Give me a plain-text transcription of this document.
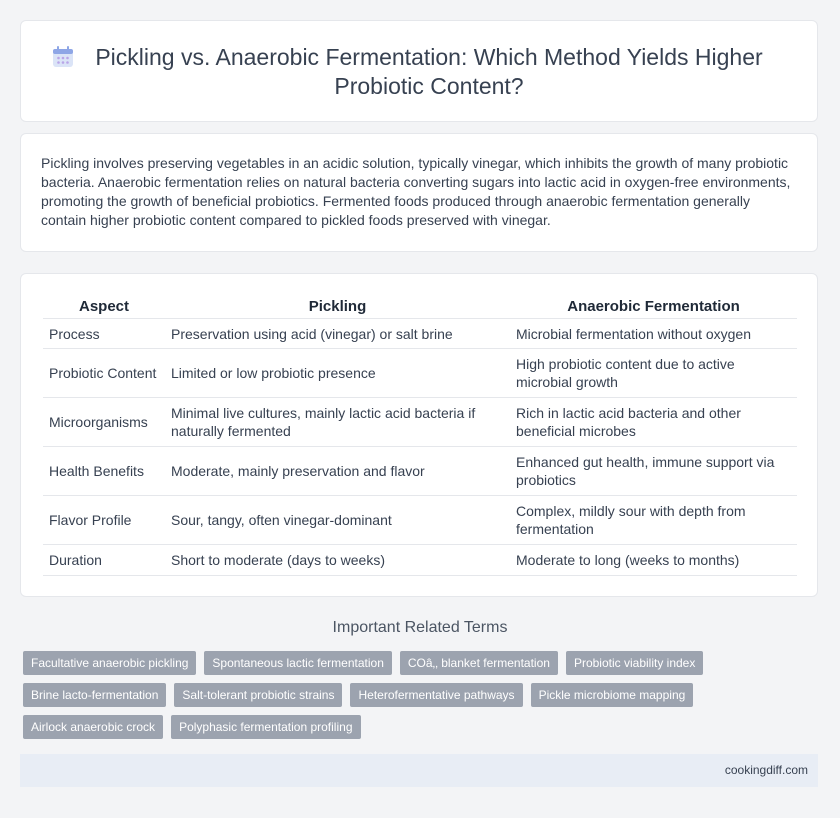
Pickling vs. Anaerobic Fermentation: Which Method Yields Higher Probiotic Content?

Pickling involves preserving vegetables in an acidic solution, typically vinegar, which inhibits the growth of many probiotic bacteria. Anaerobic fermentation relies on natural bacteria converting sugars into lactic acid in oxygen-free environments, promoting the growth of beneficial probiotics. Fermented foods produced through anaerobic fermentation generally contain higher probiotic content compared to pickled foods preserved with vinegar.

Aspect	Pickling	Anaerobic Fermentation
Process	Preservation using acid (vinegar) or salt brine	Microbial fermentation without oxygen
Probiotic Content	Limited or low probiotic presence	High probiotic content due to active microbial growth
Microorganisms	Minimal live cultures, mainly lactic acid bacteria if naturally fermented	Rich in lactic acid bacteria and other beneficial microbes
Health Benefits	Moderate, mainly preservation and flavor	Enhanced gut health, immune support via probiotics
Flavor Profile	Sour, tangy, often vinegar-dominant	Complex, mildly sour with depth from fermentation
Duration	Short to moderate (days to weeks)	Moderate to long (weeks to months)
Important Related Terms
Facultative anaerobic pickling	Spontaneous lactic fermentation	COâ‚‚ blanket fermentation	Probiotic viability index
Brine lacto-fermentation	Salt-tolerant probiotic strains	Heterofermentative pathways	Pickle microbiome mapping
Airlock anaerobic crock	Polyphasic fermentation profiling
cookingdiff.com
